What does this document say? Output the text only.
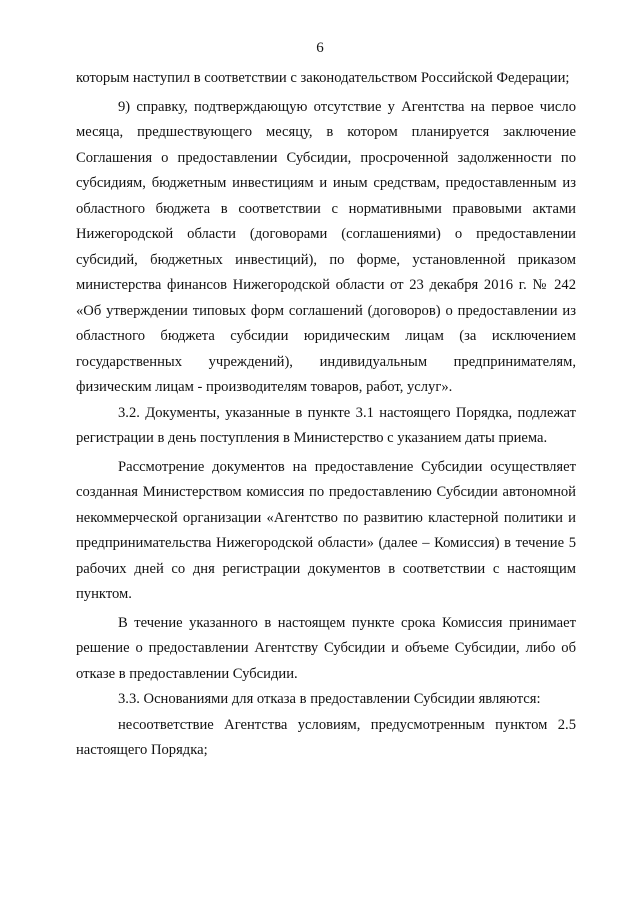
6

которым наступил в соответствии с законодательством Российской Федерации;

9) справку, подтверждающую отсутствие у Агентства на первое число месяца, предшествующего месяцу, в котором планируется заключение Соглашения о предоставлении Субсидии, просроченной задолженности по субсидиям, бюджетным инвестициям и иным средствам, предоставленным из областного бюджета в соответствии с нормативными правовыми актами Нижегородской области (договорами (соглашениями) о предоставлении субсидий, бюджетных инвестиций), по форме, установленной приказом министерства финансов Нижегородской области от 23 декабря 2016 г. № 242 «Об утверждении типовых форм соглашений (договоров) о предоставлении из областного бюджета субсидии юридическим лицам (за исключением государственных учреждений), индивидуальным предпринимателям, физическим лицам - производителям товаров, работ, услуг».

3.2. Документы, указанные в пункте 3.1 настоящего Порядка, подлежат регистрации в день поступления в Министерство с указанием даты приема.

Рассмотрение документов на предоставление Субсидии осуществляет созданная Министерством комиссия по предоставлению Субсидии автономной некоммерческой организации «Агентство по развитию кластерной политики и предпринимательства Нижегородской области» (далее – Комиссия) в течение 5 рабочих дней со дня регистрации документов в соответствии с настоящим пунктом.

В течение указанного в настоящем пункте срока Комиссия принимает решение о предоставлении Агентству Субсидии и объеме Субсидии, либо об отказе в предоставлении Субсидии.

3.3. Основаниями для отказа в предоставлении Субсидии являются:

несоответствие Агентства условиям, предусмотренным пунктом 2.5 настоящего Порядка;
